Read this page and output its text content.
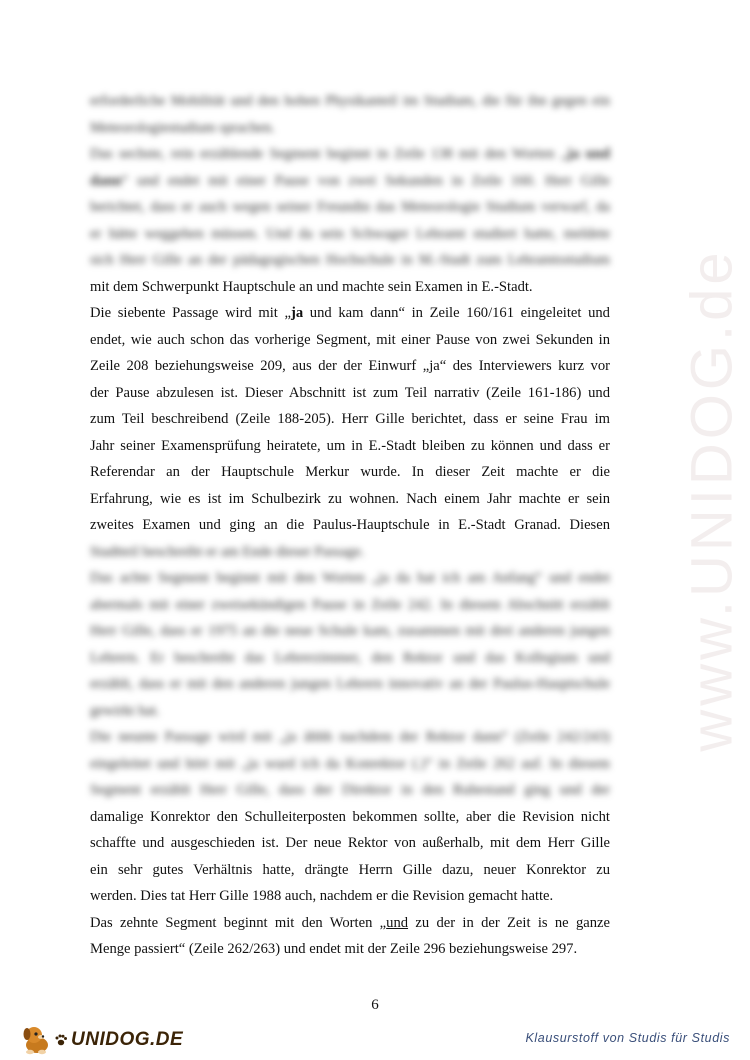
www.UNIDOG.de

erforderliche Mobilität und den hohen Physikanteil im Studium, die für ihn gegen ein

Meteorologiestudium sprachen.

Das sechste, rein erzählende Segment beginnt in Zeile 138 mit den Worten „ja und

dann“ und endet mit einer Pause von zwei Sekunden in Zeile 160. Herr Gille

berichtet, dass er auch wegen seiner Freundin das Meteorologie Studium verwarf, da

er hätte weggehen müssen. Und da sein Schwager Lehramt studiert hatte, meldete

sich Herr Gille an der pädagogischen Hochschule in M.-Stadt zum Lehramtsstudium

mit dem Schwerpunkt Hauptschule an und machte sein Examen in E.-Stadt.

Die siebente Passage wird mit „ja und kam dann“ in Zeile 160/161 eingeleitet und

endet, wie auch schon das vorherige Segment, mit einer Pause von zwei Sekunden in

Zeile 208 beziehungsweise 209, aus der der Einwurf „ja“ des Interviewers kurz vor

der Pause abzulesen ist. Dieser Abschnitt ist zum Teil narrativ (Zeile 161-186) und

zum Teil beschreibend (Zeile 188-205). Herr Gille berichtet, dass er seine Frau im

Jahr seiner Examensprüfung heiratete, um in E.-Stadt bleiben zu können und dass er

Referendar an der Hauptschule Merkur wurde. In dieser Zeit machte er die

Erfahrung, wie es ist im Schulbezirk zu wohnen. Nach einem Jahr machte er sein

zweites Examen und ging an die Paulus-Hauptschule in E.-Stadt Granad. Diesen

Stadtteil beschreibt er am Ende dieser Passage.

Das achte Segment beginnt mit den Worten „ja da hat ich am Anfang“ und endet

abermals mit einer zweisekündigen Pause in Zeile 242. In diesem Abschnitt erzählt

Herr Gille, dass er 1975 an die neue Schule kam, zusammen mit drei anderen jungen

Lehrern. Er beschreibt das Lehrerzimmer, den Rektor und das Kollegium und

erzählt, dass er mit den anderen jungen Lehrern innovativ an der Paulus-Hauptschule

gewirkt hat.

Die neunte Passage wird mit „ja ähhh nachdem der Rektor dann“ (Zeile 242/243)

eingeleitet und hört mit „ja wurd ich da Konrektor (.)“ in Zeile 262 auf. In diesem

Segment erzählt Herr Gille, dass der Direktor in den Ruhestand ging und der

damalige Konrektor den Schulleiterposten bekommen sollte, aber die Revision nicht

schaffte und ausgeschieden ist. Der neue Rektor von außerhalb, mit dem Herr Gille

ein sehr gutes Verhältnis hatte, drängte Herrn Gille dazu, neuer Konrektor zu

werden. Dies tat Herr Gille 1988 auch, nachdem er die Revision gemacht hatte.

Das zehnte Segment beginnt mit den Worten „und zu der in der Zeit is ne ganze

Menge passiert“ (Zeile 262/263) und endet mit der Zeile 296 beziehungsweise 297.

6
UNIDOG.DE	Klausurstoff von Studis für Studis
